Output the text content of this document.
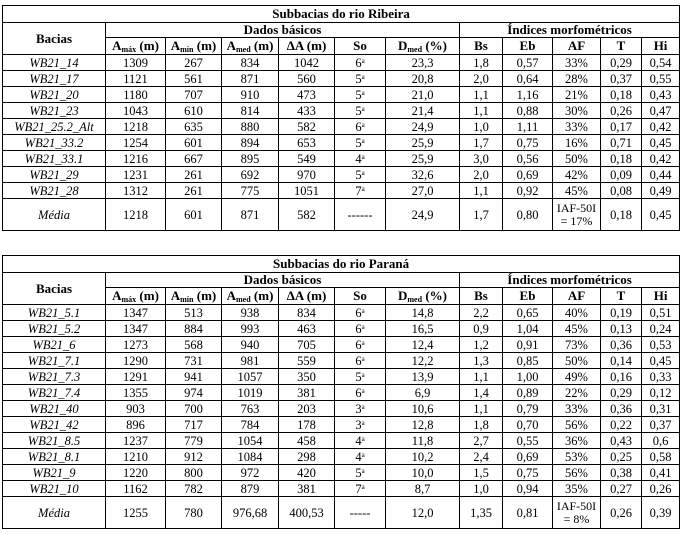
Subbacias do rio Ribeira											
Bacias	Dados básicos						Índices morfométricos				
	$A_{máx}$ (m)	$A_{mín}$ (m)	$A_{med}$ (m)	ΔA (m)	So	$D_{med}$ (%)	Bs	Eb	AF	T	Hi
WB21_14	1309	267	834	1042	6$^a$	23,3	1,8	0,57	33%	0,29	0,54
WB21_17	1121	561	871	560	5$^a$	20,8	2,0	0,64	28%	0,37	0,55
WB21_20	1180	707	910	473	5$^a$	21,0	1,1	1,16	21%	0,18	0,43
WB21_23	1043	610	814	433	5$^a$	21,4	1,1	0,88	30%	0,26	0,47
WB21_25.2_Alt	1218	635	880	582	6$^a$	24,9	1,0	1,11	33%	0,17	0,42
WB21_33.2	1254	601	894	653	5$^a$	25,9	1,7	0,75	16%	0,71	0,45
WB21_33.1	1216	667	895	549	4$^a$	25,9	3,0	0,56	50%	0,18	0,42
WB21_29	1231	261	692	970	5$^a$	32,6	2,0	0,69	42%	0,09	0,44
WB21_28	1312	261	775	1051	7$^a$	27,0	1,1	0,92	45%	0,08	0,49
Média	1218	601	871	582	------	24,9	1,7	0,80	IAF-50I = 17%	0,18	0,45
Subbacias do rio Paraná											
Bacias	Dados básicos						Índices morfométricos				
	$A_{máx}$ (m)	$A_{mín}$ (m)	$A_{med}$ (m)	ΔA (m)	So	$D_{med}$ (%)	Bs	Eb	AF	T	Hi
WB21_5.1	1347	513	938	834	6$^a$	14,8	2,2	0,65	40%	0,19	0,51
WB21_5.2	1347	884	993	463	6$^a$	16,5	0,9	1,04	45%	0,13	0,24
WB21_6	1273	568	940	705	6$^a$	12,4	1,2	0,91	73%	0,36	0,53
WB21_7.1	1290	731	981	559	6$^a$	12,2	1,3	0,85	50%	0,14	0,45
WB21_7.3	1291	941	1057	350	5$^a$	13,9	1,1	1,00	49%	0,16	0,33
WB21_7.4	1355	974	1019	381	6$^a$	6,9	1,4	0,89	22%	0,29	0,12
WB21_40	903	700	763	203	3$^a$	10,6	1,1	0,79	33%	0,36	0,31
WB21_42	896	717	784	178	3$^a$	12,8	1,8	0,70	56%	0,22	0,37
WB21_8.5	1237	779	1054	458	4$^a$	11,8	2,7	0,55	36%	0,43	0,6
WB21_8.1	1210	912	1084	298	4$^a$	10,2	2,4	0,69	53%	0,25	0,58
WB21_9	1220	800	972	420	5$^a$	10,0	1,5	0,75	56%	0,38	0,41
WB21_10	1162	782	879	381	7$^a$	8,7	1,0	0,94	35%	0,27	0,26
Média	1255	780	976,68	400,53	-----	12,0	1,35	0,81	IAF-50I = 8%	0,26	0,39
